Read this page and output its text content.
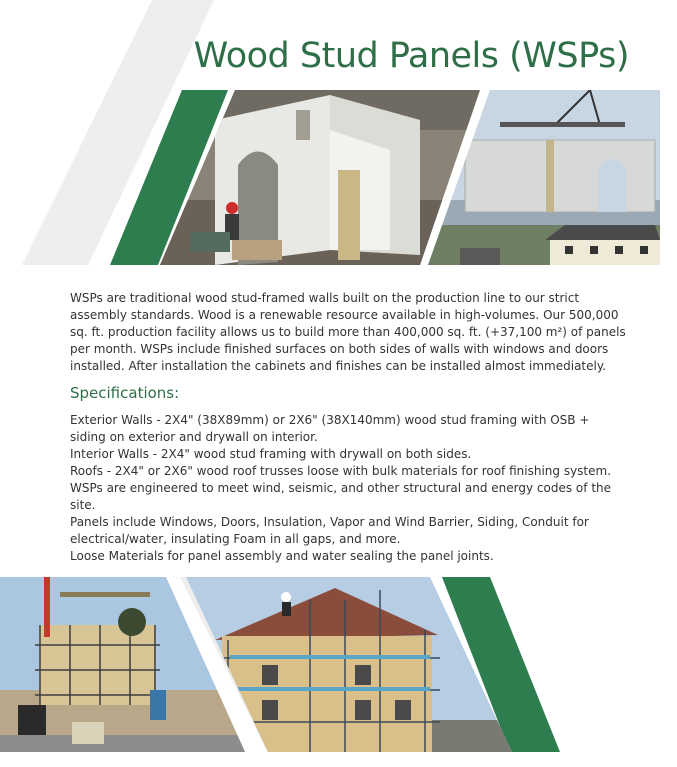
Wood Stud Panels (WSPs)

WSPs are traditional wood stud-framed walls built on the production line to our strict assembly standards. Wood is a renewable resource available in high-volumes. Our 500,000 sq. ft. production facility allows us to build more than 400,000 sq. ft. (+37,100 m²) of panels per month. WSPs include finished surfaces on both sides of walls with windows and doors installed. After installation the cabinets and finishes can be installed almost immediately.

Specifications:

Exterior Walls - 2X4" (38X89mm) or 2X6" (38X140mm) wood stud framing with OSB + siding on exterior and drywall on interior.

Interior Walls - 2X4" wood stud framing with drywall on both sides.

Roofs - 2X4" or 2X6" wood roof trusses loose with bulk materials for roof finishing system.

WSPs are engineered to meet wind, seismic, and other structural and energy codes of the site.

Panels include Windows, Doors, Insulation, Vapor and Wind Barrier, Siding, Conduit for electrical/water, insulating Foam in all gaps, and more.

Loose Materials for panel assembly and water sealing the panel joints.
